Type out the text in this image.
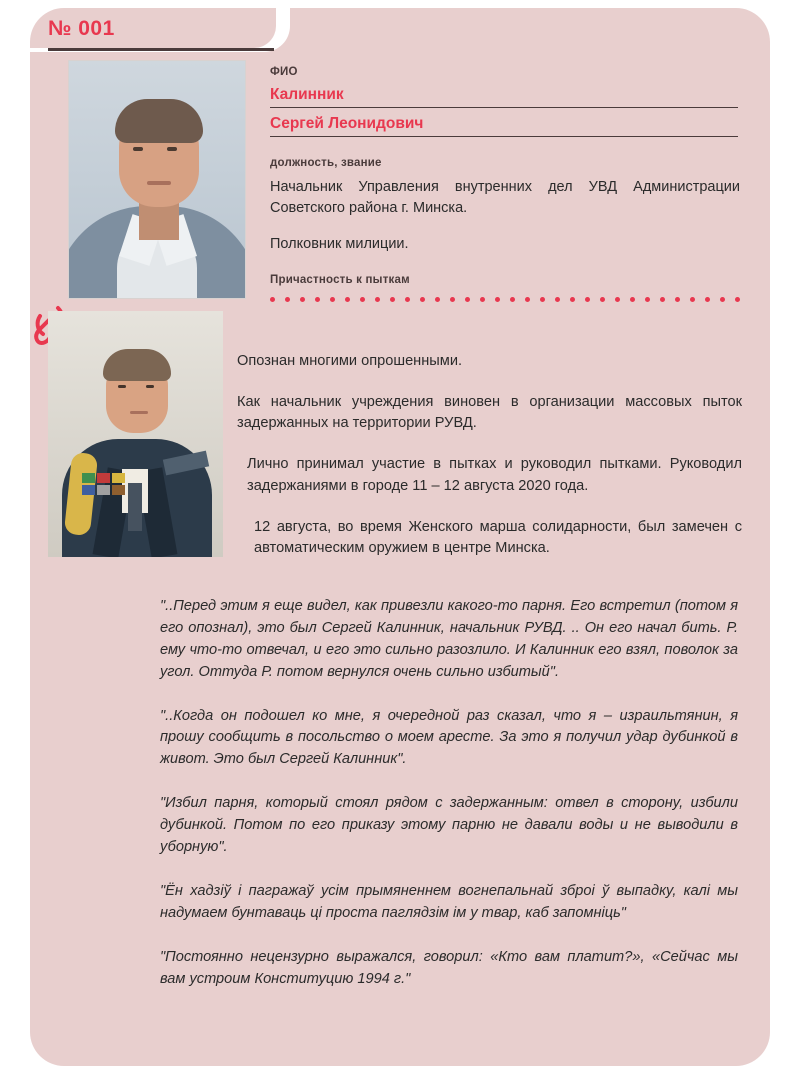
№ 001
ФИО
Калинник
Сергей Леонидович
должность, звание

Начальник Управления внутренних дел УВД Администрации Советского района г. Минска.

Полковник милиции.

Причастность к пыткам

Опознан многими опрошенными.

Как начальник учреждения виновен в организации массовых пыток задержанных на территории РУВД.

Лично принимал участие в пытках и руководил пытками. Руководил задержаниями в городе 11 – 12 августа 2020 года.

12 августа, во время Женского марша солидарности, был замечен с автоматическим оружием в центре Минска.

"..Перед этим я еще видел, как привезли какого-то парня. Его встретил (потом я его опознал), это был Сергей Калинник, начальник РУВД. .. Он его начал бить. Р. ему что-то отвечал, и его это сильно разозлило. И Калинник его взял, поволок за угол. Оттуда Р. потом вернулся очень сильно избитый".

"..Когда он подошел ко мне, я очередной раз сказал, что я – израильтянин, я прошу сообщить в посольство о моем аресте. За это я получил удар дубинкой в живот. Это был Сергей Калинник".

"Избил парня, который стоял рядом с задержанным: отвел в сторону, избили дубинкой. Потом по его приказу этому парню не давали воды и не выводили в уборную".

"Ён хадзіў і пагражаў усім прымяненнем вогнепальнай зброі ў выпадку, калі мы надумаем бунтаваць ці проста паглядзім ім у твар, каб запомніць"

"Постоянно нецензурно выражался, говорил: «Кто вам платит?», «Сейчас мы вам устроим Конституцию 1994 г."
